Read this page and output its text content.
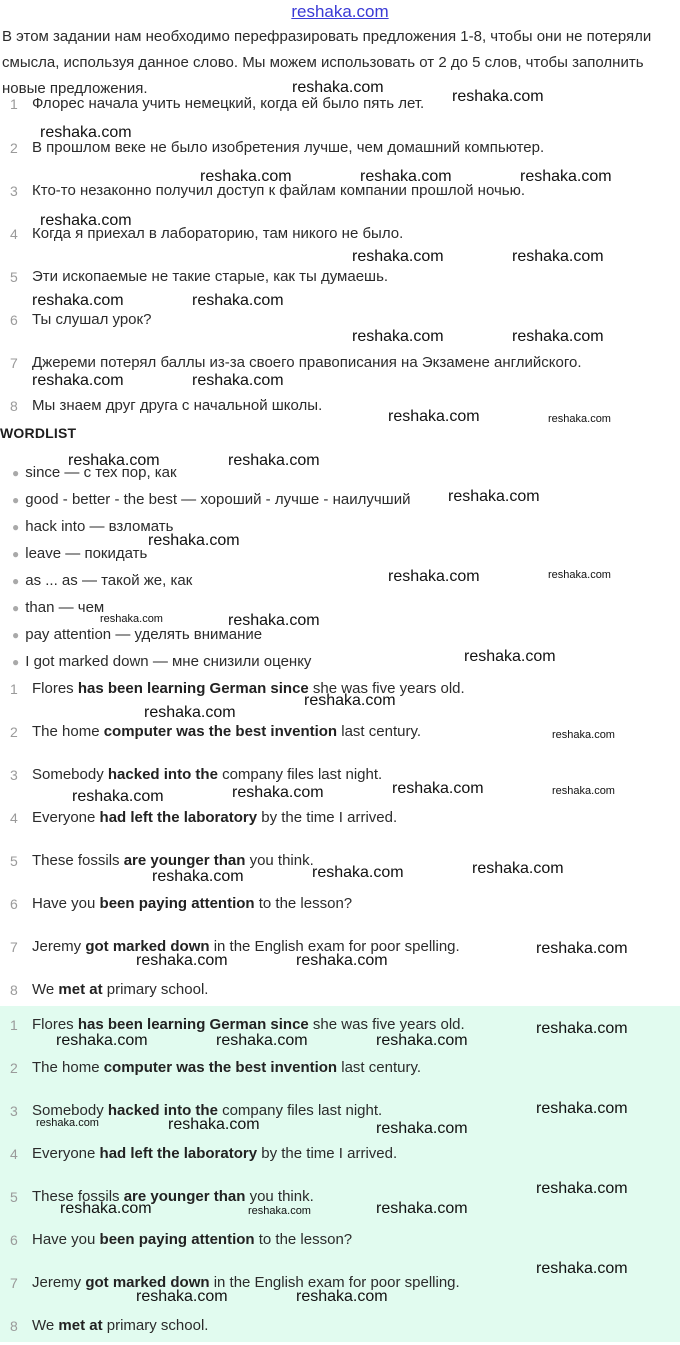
reshaka.com
В этом задании нам необходимо перефразировать предложения 1-8, чтобы они не потеряли смысла, используя данное слово. Мы можем использовать от 2 до 5 слов, чтобы заполнить новые предложения.
1 Флорес начала учить немецкий, когда ей было пять лет.
2 В прошлом веке не было изобретения лучше, чем домашний компьютер.
3 Кто-то незаконно получил доступ к файлам компании прошлой ночью.
4 Когда я приехал в лабораторию, там никого не было.
5 Эти ископаемые не такие старые, как ты думаешь.
6 Ты слушал урок?
7 Джереми потерял баллы из-за своего правописания на Экзамене английского.
8 Мы знаем друг друга с начальной школы.
WORDLIST
● since — с тех пор, как
● good - better - the best — хороший - лучше - наилучший
● hack into — взломать
● leave — покидать
● as ... as — такой же, как
● than — чем
● pay attention — уделять внимание
● I got marked down — мне снизили оценку
1 Flores has been learning German since she was five years old.
2 The home computer was the best invention last century.
3 Somebody hacked into the company files last night.
4 Everyone had left the laboratory by the time I arrived.
5 These fossils are younger than you think.
6 Have you been paying attention to the lesson?
7 Jeremy got marked down in the English exam for poor spelling.
8 We met at primary school.
1 Flores has been learning German since she was five years old.
2 The home computer was the best invention last century.
3 Somebody hacked into the company files last night.
4 Everyone had left the laboratory by the time I arrived.
5 These fossils are younger than you think.
6 Have you been paying attention to the lesson?
7 Jeremy got marked down in the English exam for poor spelling.
8 We met at primary school.
reshaka.com
reshaka.com
reshaka.com
reshaka.com	reshaka.com	reshaka.com
reshaka.com
reshaka.com	reshaka.com
reshaka.com	reshaka.com
reshaka.com	reshaka.com
reshaka.com	reshaka.com
reshaka.com	reshaka.com
reshaka.com	reshaka.com
reshaka.com
reshaka.com
reshaka.com	reshaka.com
reshaka.com	reshaka.com
reshaka.com
reshaka.com
reshaka.com
reshaka.com
reshaka.com	reshaka.com	reshaka.com	reshaka.com
reshaka.com	reshaka.com	reshaka.com
reshaka.com
reshaka.com	reshaka.com
reshaka.com
reshaka.com	reshaka.com	reshaka.com
reshaka.com
reshaka.com	reshaka.com	reshaka.com
reshaka.com
reshaka.com	reshaka.com	reshaka.com
reshaka.com
reshaka.com	reshaka.com
